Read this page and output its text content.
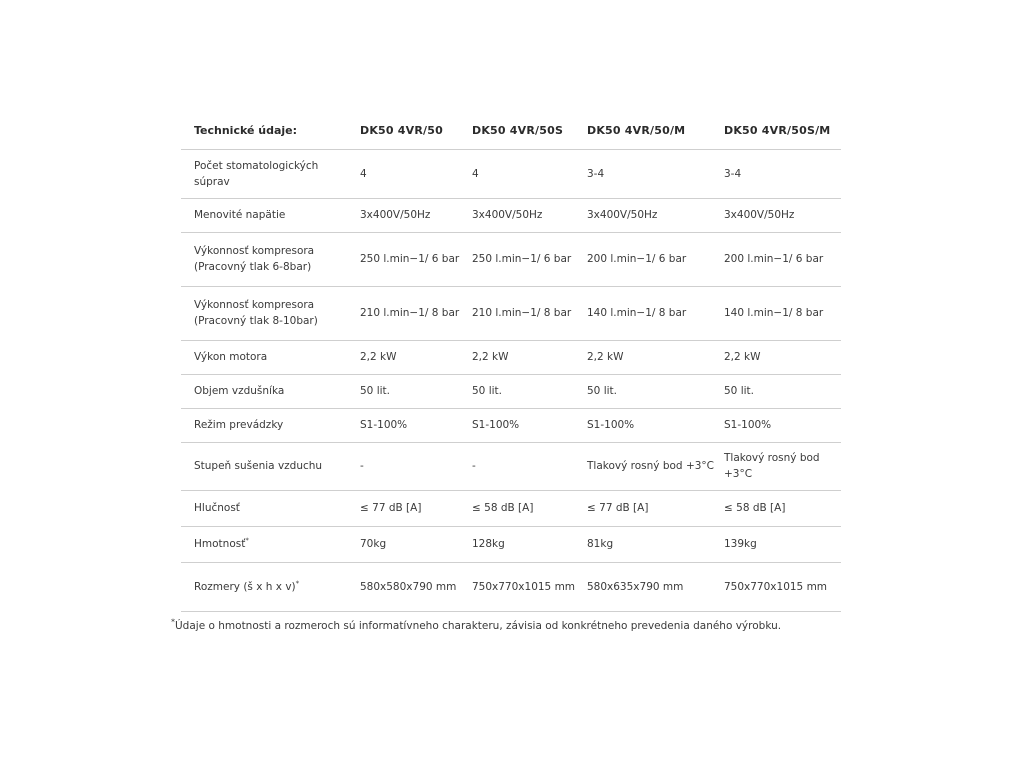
Technické údaje:	DK50 4VR/50	DK50 4VR/50S	DK50 4VR/50/M	DK50 4VR/50S/M
Počet stomatologických súprav	4	4	3-4	3-4
Menovité napätie	3x400V/50Hz	3x400V/50Hz	3x400V/50Hz	3x400V/50Hz
Výkonnosť kompresora (Pracovný tlak 6-8bar)	250 l.min−1/ 6 bar	250 l.min−1/ 6 bar	200 l.min−1/ 6 bar	200 l.min−1/ 6 bar
Výkonnosť kompresora (Pracovný tlak 8-10bar)	210 l.min−1/ 8 bar	210 l.min−1/ 8 bar	140 l.min−1/ 8 bar	140 l.min−1/ 8 bar
Výkon motora	2,2 kW	2,2 kW	2,2 kW	2,2 kW
Objem vzdušníka	50 lit.	50 lit.	50 lit.	50 lit.
Režim prevádzky	S1-100%	S1-100%	S1-100%	S1-100%
Stupeň sušenia vzduchu	-	-	Tlakový rosný bod +3°C	Tlakový rosný bod +3°C
Hlučnosť	≤ 77 dB [A]	≤ 58 dB [A]	≤ 77 dB [A]	≤ 58 dB [A]
Hmotnosť*	70kg	128kg	81kg	139kg
Rozmery (š x h x v)*	580x580x790 mm	750x770x1015 mm	580x635x790 mm	750x770x1015 mm
*Údaje o hmotnosti a rozmeroch sú informatívneho charakteru, závisia od konkrétneho prevedenia daného výrobku.
